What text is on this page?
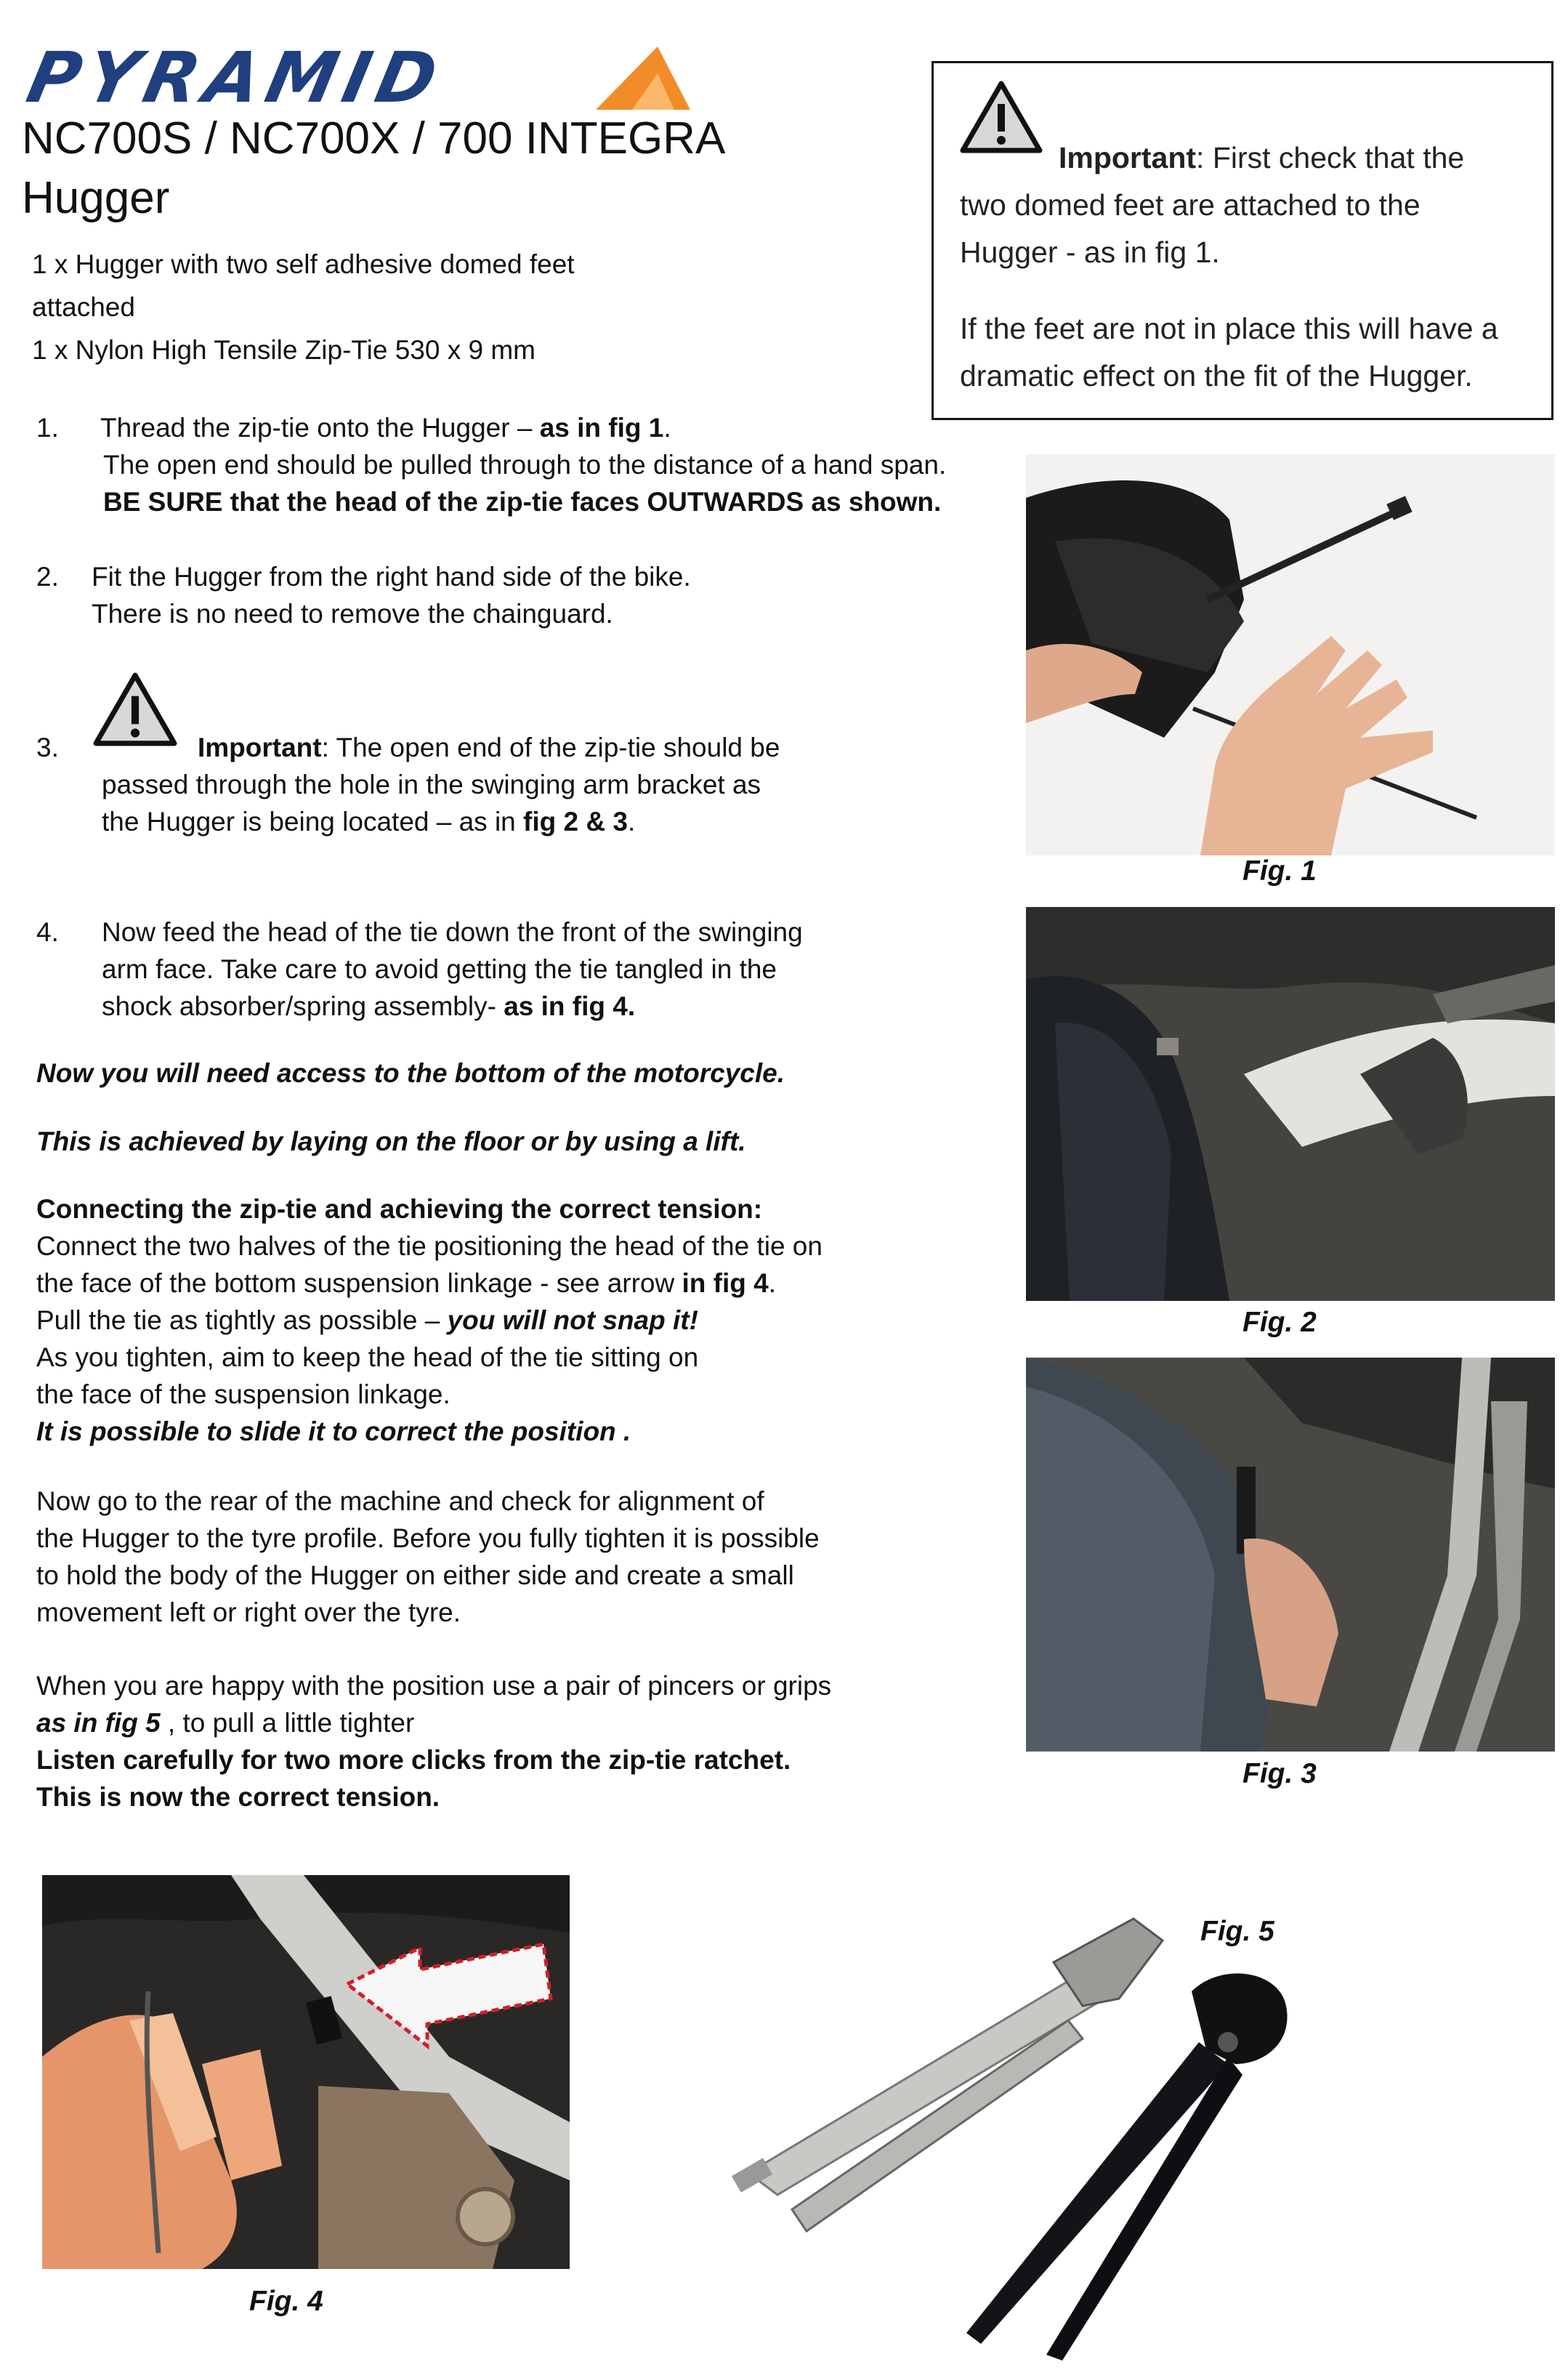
PYRAMID
NC700S / NC700X / 700 INTEGRA
Hugger
1 x Hugger with two self adhesive domed feet
attached
1 x Nylon High Tensile Zip-Tie 530 x 9 mm
Important: First check that the
two domed feet are attached to the
Hugger - as in fig 1.
If the feet are not in place this will have a
dramatic effect on the fit of the Hugger.
1. Thread the zip-tie onto the Hugger – as in fig 1.
The open end should be pulled through to the distance of a hand span.
BE SURE that the head of the zip-tie faces OUTWARDS as shown.
2. Fit the Hugger from the right hand side of the bike.
There is no need to remove the chainguard.
3.	Important: The open end of the zip-tie should be
passed through the hole in the swinging arm bracket as
the Hugger is being located – as in fig 2 & 3.
4. Now feed the head of the tie down the front of the swinging
arm face. Take care to avoid getting the tie tangled in the
shock absorber/spring assembly- as in fig 4.
Now you will need access to the bottom of the motorcycle.
This is achieved by laying on the floor or by using a lift.
Connecting the zip-tie and achieving the correct tension:
Connect the two halves of the tie positioning the head of the tie on
the face of the bottom suspension linkage - see arrow in fig 4.
Pull the tie as tightly as possible – you will not snap it!
As you tighten, aim to keep the head of the tie sitting on
the face of the suspension linkage.
It is possible to slide it to correct the position .
Now go to the rear of the machine and check for alignment of
the Hugger to the tyre profile. Before you fully tighten it is possible
to hold the body of the Hugger on either side and create a small
movement left or right over the tyre.
When you are happy with the position use a pair of pincers or grips
as in fig 5 , to pull a little tighter
Listen carefully for two more clicks from the zip-tie ratchet.
This is now the correct tension.
Fig. 1
Fig. 2
Fig. 3
Fig. 4
Fig. 5
